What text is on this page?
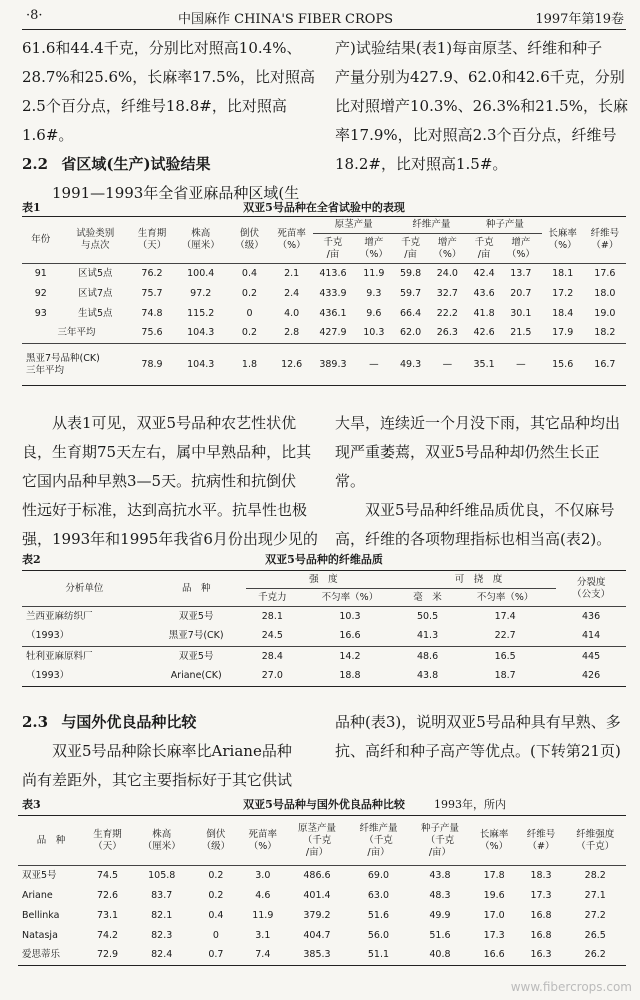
·8·	中国麻作 CHINA'S FIBER CROPS	1997年第19卷

61.6和44.4千克，分别比对照高10.4%、

28.7%和25.6%，长麻率17.5%，比对照高

2.5个百分点，纤维号18.8#，比对照高

1.6#。

2.2 省区域(生产)试验结果

1991—1993年全省亚麻品种区域(生

产)试验结果(表1)每亩原茎、纤维和种子

产量分别为427.9、62.0和42.6千克，分别

比对照增产10.3%、26.3%和21.5%，长麻

率17.9%，比对照高2.3个百分点，纤维号

18.2#，比对照高1.5#。

表1	双亚5号品种在全省试验中的表现
年份	试验类别
与点次	生育期
（天）	株高
（厘米）	倒伏
（级）	死苗率
（%）	原茎产量		纤维产量		种子产量		长麻率
（%）	纤维号
（#）
						千克
/亩	增产
（%）	千克
/亩	增产
（%）	千克
/亩	增产
（%）		
91	区试5点	76.2	100.4	0.4	2.1	413.6	11.9	59.8	24.0	42.4	13.7	18.1	17.6
92	区试7点	75.7	97.2	0.2	2.4	433.9	9.3	59.7	32.7	43.6	20.7	17.2	18.0
93	生试5点	74.8	115.2	0	4.0	436.1	9.6	66.4	22.2	41.8	30.1	18.4	19.0
三年平均		75.6	104.3	0.2	2.8	427.9	10.3	62.0	26.3	42.6	21.5	17.9	18.2
黑亚7号品种(CK)
三年平均		78.9	104.3	1.8	12.6	389.3	—	49.3	—	35.1	—	15.6	16.7

从表1可见，双亚5号品种农艺性状优

良，生育期75天左右，属中早熟品种，比其

它国内品种早熟3—5天。抗病性和抗倒伏

性远好于标准，达到高抗水平。抗旱性也极

强，1993年和1995年我省6月份出现少见的

大旱，连续近一个月没下雨，其它品种均出

现严重萎蔫，双亚5号品种却仍然生长正

常。

双亚5号品种纤维品质优良，不仅麻号

高，纤维的各项物理指标也相当高(表2)。

表2	双亚5号品种的纤维品质
分析单位	品　种	强　度		可　挠　度		分裂度
（公支）
		千克力	不匀率（%）	毫　米	不匀率（%）	
兰西亚麻纺织厂	双亚5号	28.1	10.3	50.5	17.4	436
（1993）	黑亚7号(CK)	24.5	16.6	41.3	22.7	414
牡利亚麻原料厂	双亚5号	28.4	14.2	48.6	16.5	445
（1993）	Ariane(CK)	27.0	18.8	43.8	18.7	426

2.3 与国外优良品种比较

双亚5号品种除长麻率比Ariane品种

尚有差距外，其它主要指标好于其它供试

品种(表3)，说明双亚5号品种具有早熟、多

抗、高纤和种子高产等优点。(下转第21页)

表3	双亚5号品种与国外优良品种比较	1993年，所内
品　种	生育期
（天）	株高
（厘米）	倒伏
（级）	死苗率
（%）	原茎产量
（千克
/亩）	纤维产量
（千克
/亩）	种子产量
（千克
/亩）	长麻率
（%）	纤维号
（#）	纤维强度
（千克）
双亚5号	74.5	105.8	0.2	3.0	486.6	69.0	43.8	17.8	18.3	28.2
Ariane	72.6	83.7	0.2	4.6	401.4	63.0	48.3	19.6	17.3	27.1
Bellinka	73.1	82.1	0.4	11.9	379.2	51.6	49.9	17.0	16.8	27.2
Natasja	74.2	82.3	0	3.1	404.7	56.0	51.6	17.3	16.8	26.5
爱思蒂乐	72.9	82.4	0.7	7.4	385.3	51.1	40.8	16.6	16.3	26.2
www.fibercrops.com
